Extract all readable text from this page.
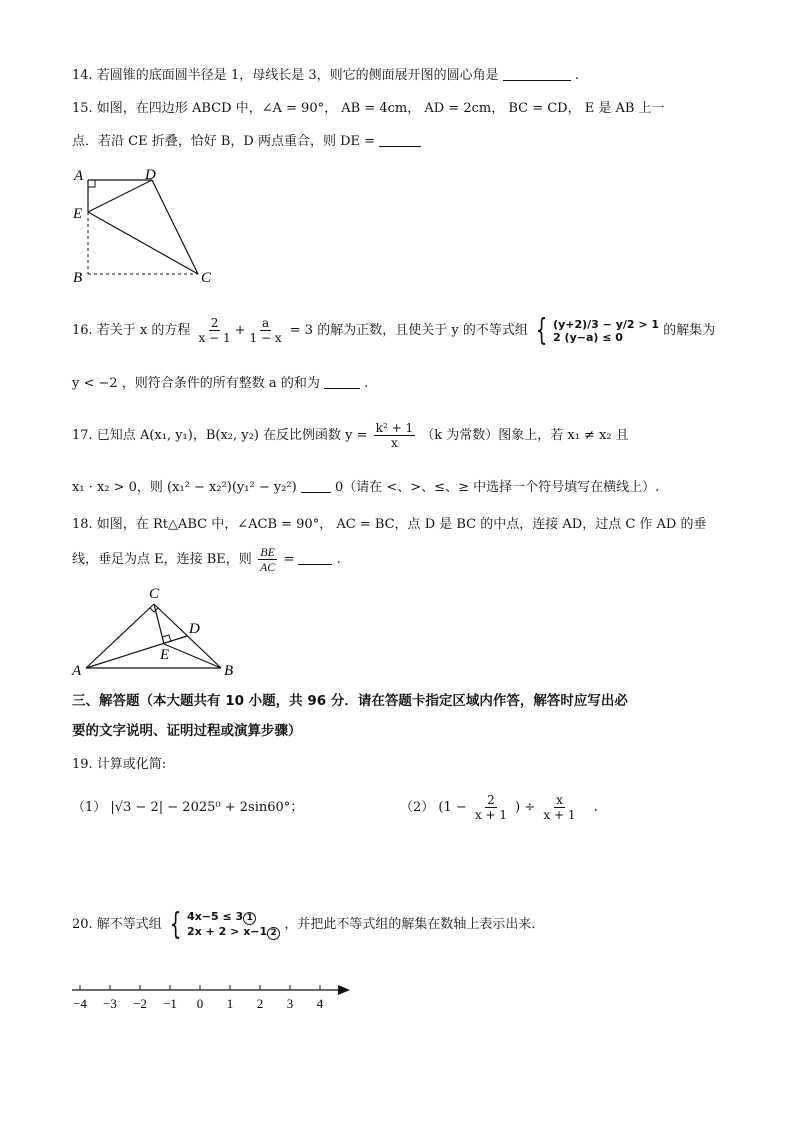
14. 若圆锥的底面圆半径是 1，母线长是 3，则它的侧面展开图的圆心角是	.
15. 如图，在四边形 ABCD 中，∠A = 90°， AB = 4cm， AD = 2cm， BC = CD， E 是 AB 上一
点．若沿 CE 折叠，恰好 B，D 两点重合，则 DE =
A	D
E
B	C
16. 若关于 x 的方程 $\frac{2}{x - 1} + \frac{a}{1 - x} = 3$ 的解为正数，且使关于 y 的不等式组 { (y+2)/3 − y/2 > 1
2 (y−a) ≤ 0	的解集为
y < −2 ，则符合条件的所有整数 a 的和为	.
17. 已知点 A(x₁, y₁)，B(x₂, y₂) 在反比例函数 $y = \frac{\text{k² + 1}}{x} (k$ 为常数）图象上，若 x₁ ≠ x₂ 且
x₁ · x₂ > 0，则 (x₁² − x₂²)(y₁² − y₂²)	0（请在 <、>、≤、≥ 中选择一个符号填写在横线上）.
18. 如图，在 Rt△ABC 中，∠ACB = 90°， AC = BC，点 D 是 BC 的中点，连接 AD，过点 C 作 AD 的垂
线，垂足为点 E，连接 BE，则 $\frac{BE}{AC}$ =	.
C
D
E
A	B
三、解答题（本大题共有 10 小题，共 96 分．请在答题卡指定区域内作答，解答时应写出必
要的文字说明、证明过程或演算步骤）
19. 计算或化简:
（1） |√3 − 2| − 2025⁰ + 2sin60°；	（2） ($1 - \frac{2}{x + 1}$ ) ÷ $\frac{x}{x + 1}$ .
20. 解不等式组 { 4x−5 ≤ 3 1
2x + 2 > x−1 2
，并把此不等式组的解集在数轴上表示出来．
−4 −3 −2 −1 0 1 2 3 4
